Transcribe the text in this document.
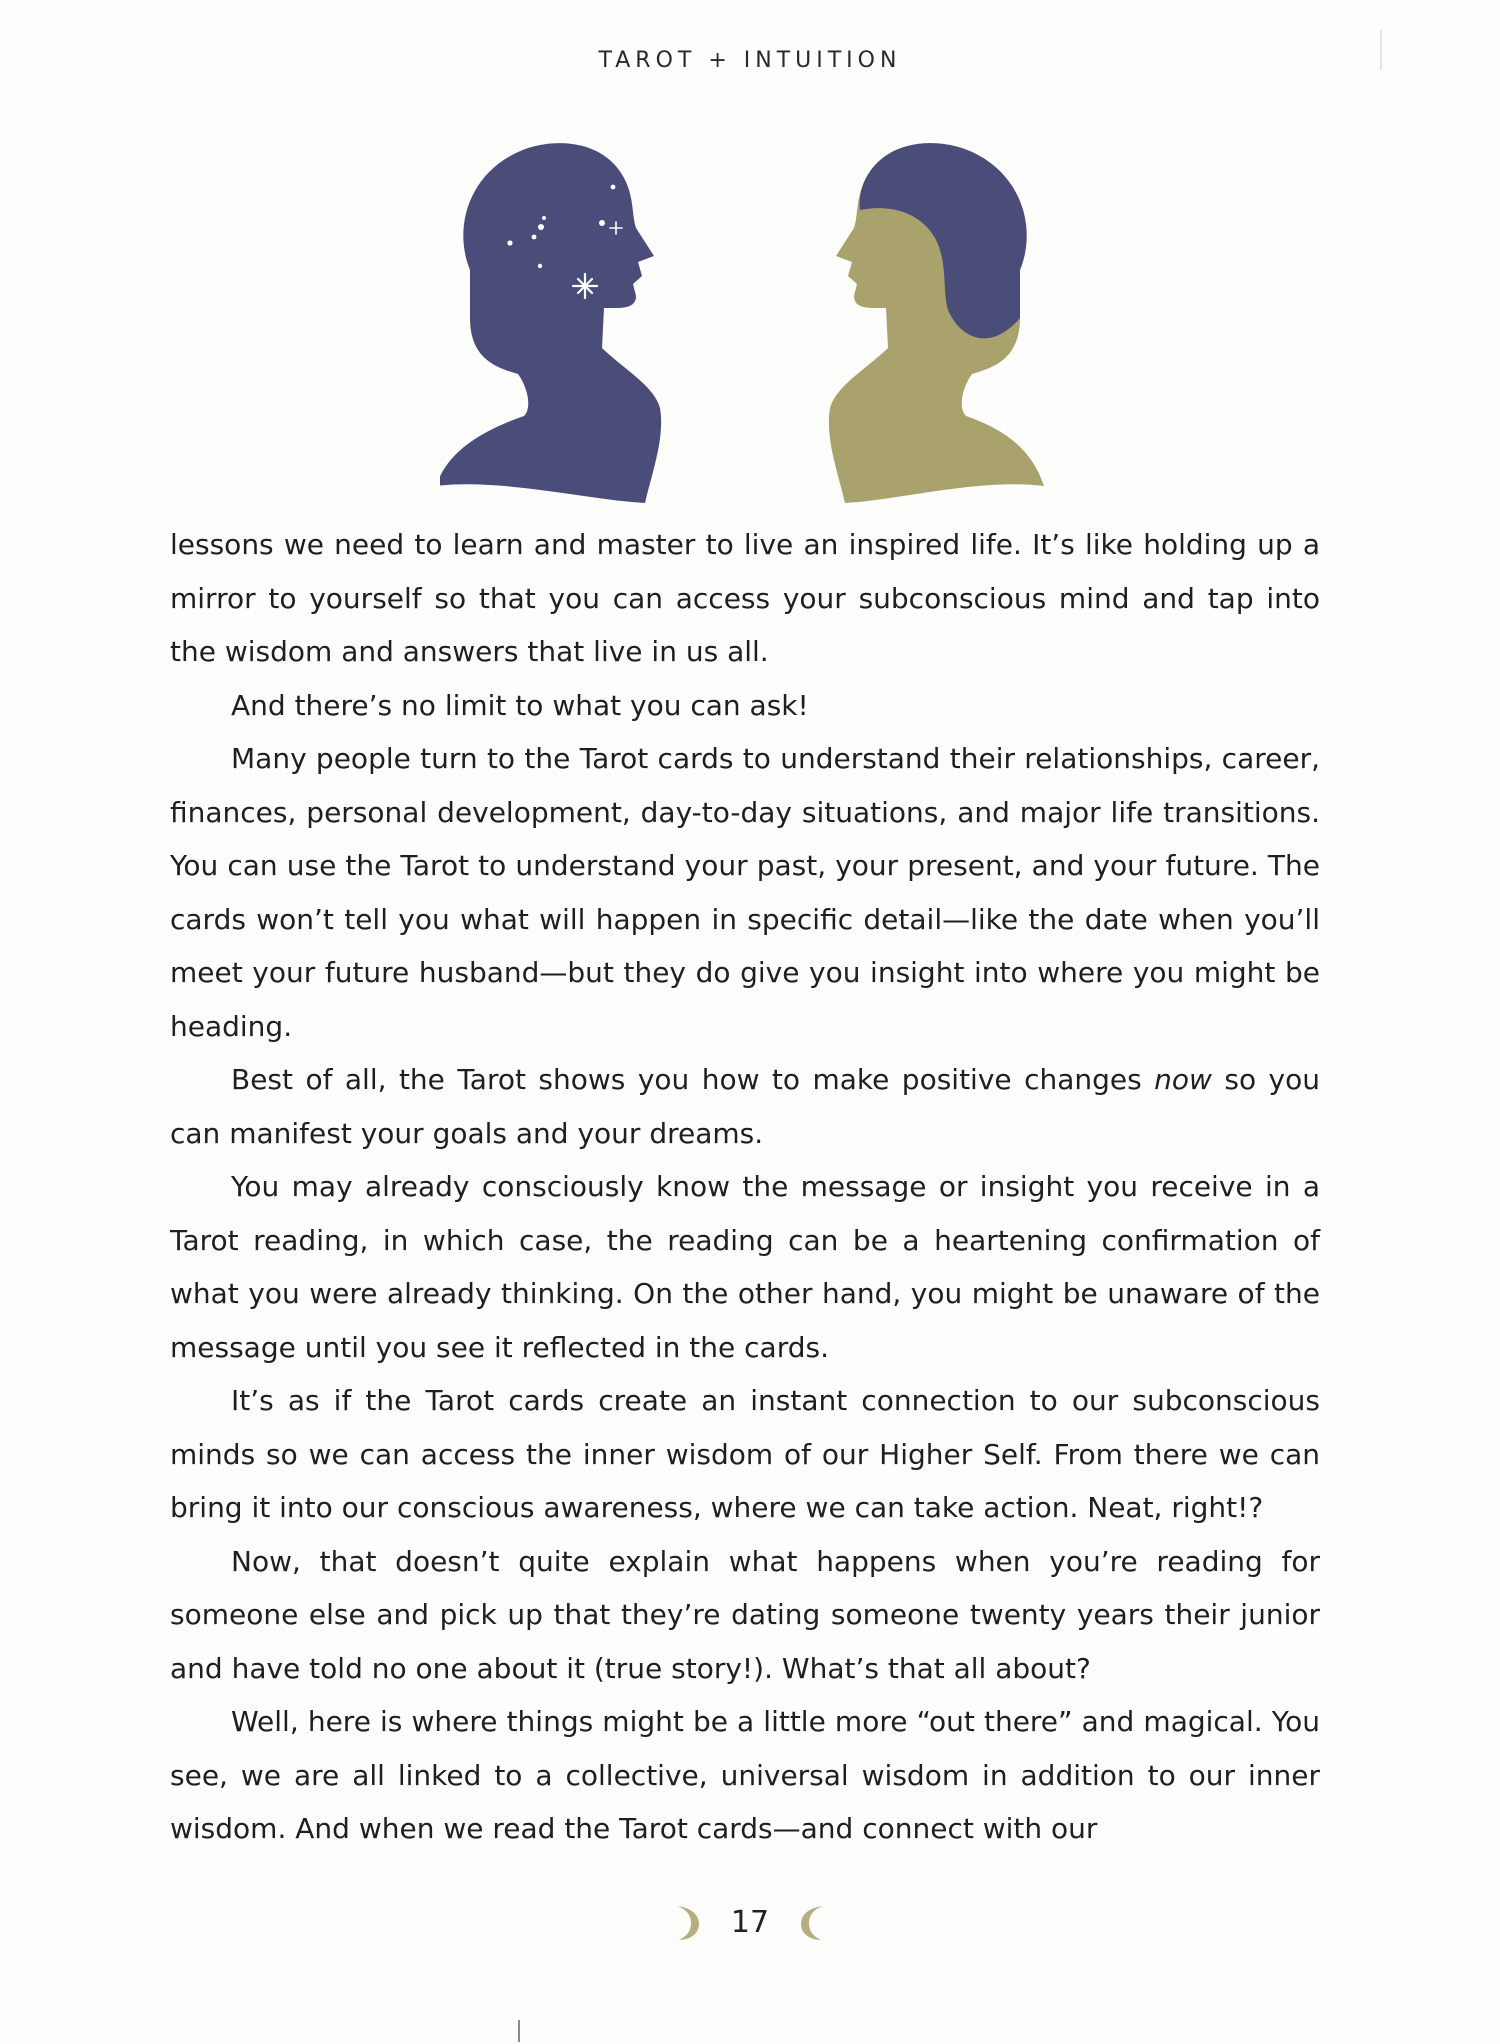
TAROT + INTUITION

lessons we need to learn and master to live an inspired life. It’s like holding up a mirror to yourself so that you can access your subconscious mind and tap into the wisdom and answers that live in us all.

And there’s no limit to what you can ask!

Many people turn to the Tarot cards to understand their relationships, career, finances, personal development, day-to-day situations, and major life transitions. You can use the Tarot to understand your past, your present, and your future. The cards won’t tell you what will happen in specific detail—like the date when you’ll meet your future husband—but they do give you insight into where you might be heading.

Best of all, the Tarot shows you how to make positive changes now so you can manifest your goals and your dreams.

You may already consciously know the message or insight you receive in a Tarot reading, in which case, the reading can be a heartening confirmation of what you were already thinking. On the other hand, you might be unaware of the message until you see it reflected in the cards.

It’s as if the Tarot cards create an instant connection to our subconscious minds so we can access the inner wisdom of our Higher Self. From there we can bring it into our conscious awareness, where we can take action. Neat, right!?

Now, that doesn’t quite explain what happens when you’re reading for someone else and pick up that they’re dating someone twenty years their junior and have told no one about it (true story!). What’s that all about?

Well, here is where things might be a little more “out there” and magical. You see, we are all linked to a collective, universal wisdom in addition to our inner wisdom. And when we read the Tarot cards—and connect with our

17
